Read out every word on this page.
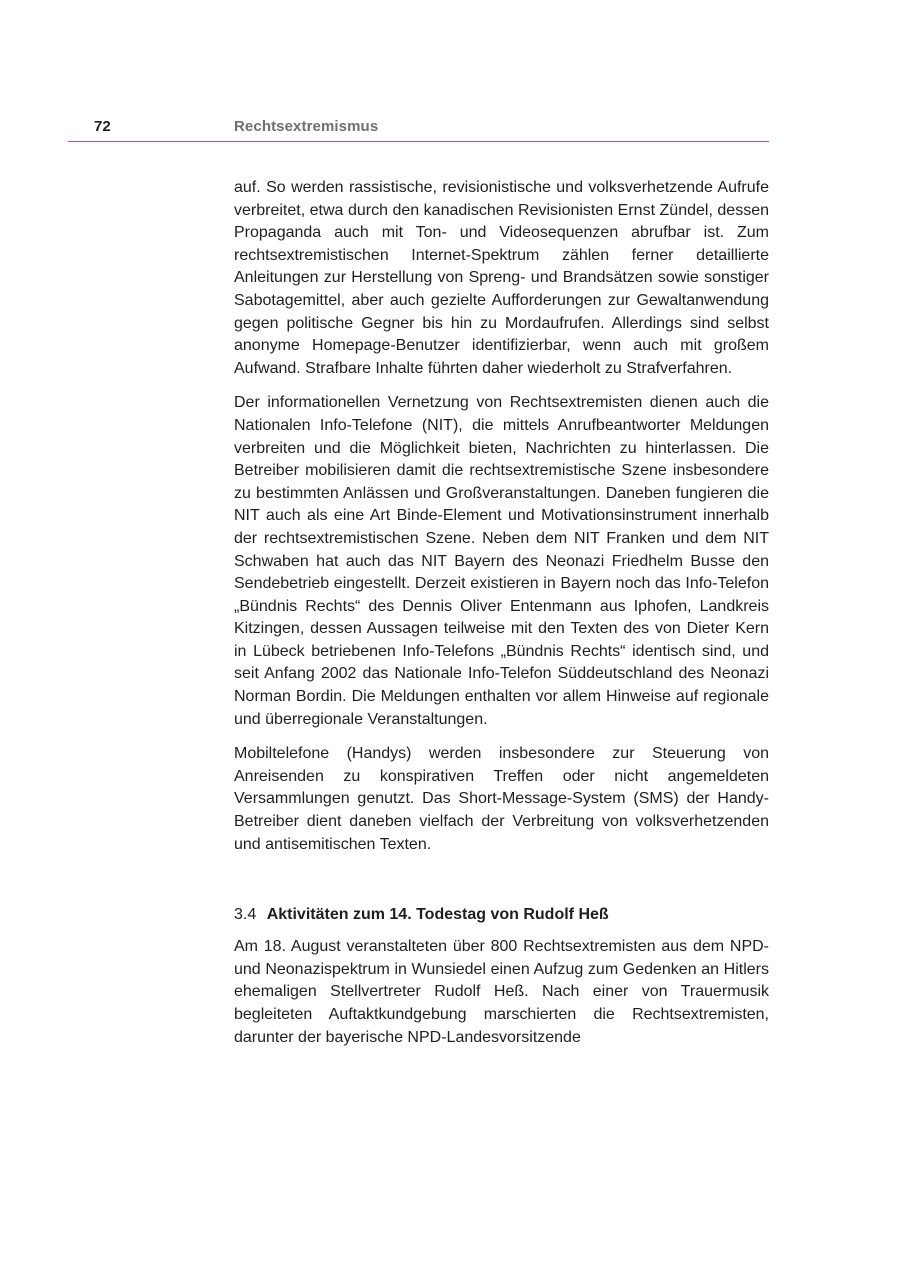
72	Rechtsextremismus

auf. So werden rassistische, revisionistische und volksverhetzende Aufrufe verbreitet, etwa durch den kanadischen Revisionisten Ernst Zündel, dessen Propaganda auch mit Ton- und Videosequenzen abrufbar ist. Zum rechtsextremistischen Internet-Spektrum zählen ferner detaillierte Anleitungen zur Herstellung von Spreng- und Brandsätzen sowie sonstiger Sabotagemittel, aber auch gezielte Aufforderungen zur Gewaltanwendung gegen politische Gegner bis hin zu Mordaufrufen. Allerdings sind selbst anonyme Homepage-Benutzer identifizierbar, wenn auch mit großem Aufwand. Strafbare Inhalte führten daher wiederholt zu Strafverfahren.

Der informationellen Vernetzung von Rechtsextremisten dienen auch die Nationalen Info-Telefone (NIT), die mittels Anrufbeantworter Meldungen verbreiten und die Möglichkeit bieten, Nachrichten zu hinterlassen. Die Betreiber mobilisieren damit die rechtsextremistische Szene insbesondere zu bestimmten Anlässen und Großveranstaltungen. Daneben fungieren die NIT auch als eine Art Binde-Element und Motivationsinstrument innerhalb der rechtsextremistischen Szene. Neben dem NIT Franken und dem NIT Schwaben hat auch das NIT Bayern des Neonazi Friedhelm Busse den Sendebetrieb eingestellt. Derzeit existieren in Bayern noch das Info-Telefon „Bündnis Rechts“ des Dennis Oliver Entenmann aus Iphofen, Landkreis Kitzingen, dessen Aussagen teilweise mit den Texten des von Dieter Kern in Lübeck betriebenen Info-Telefons „Bündnis Rechts“ identisch sind, und seit Anfang 2002 das Nationale Info-Telefon Süddeutschland des Neonazi Norman Bordin. Die Meldungen enthalten vor allem Hinweise auf regionale und überregionale Veranstaltungen.

Mobiltelefone (Handys) werden insbesondere zur Steuerung von Anreisenden zu konspirativen Treffen oder nicht angemeldeten Versammlungen genutzt. Das Short-Message-System (SMS) der Handy-Betreiber dient daneben vielfach der Verbreitung von volksverhetzenden und antisemitischen Texten.

3.4 Aktivitäten zum 14. Todestag von Rudolf Heß

Am 18. August veranstalteten über 800 Rechtsextremisten aus dem NPD- und Neonazispektrum in Wunsiedel einen Aufzug zum Gedenken an Hitlers ehemaligen Stellvertreter Rudolf Heß. Nach einer von Trauermusik begleiteten Auftaktkundgebung marschierten die Rechtsextremisten, darunter der bayerische NPD-Landesvorsitzende
